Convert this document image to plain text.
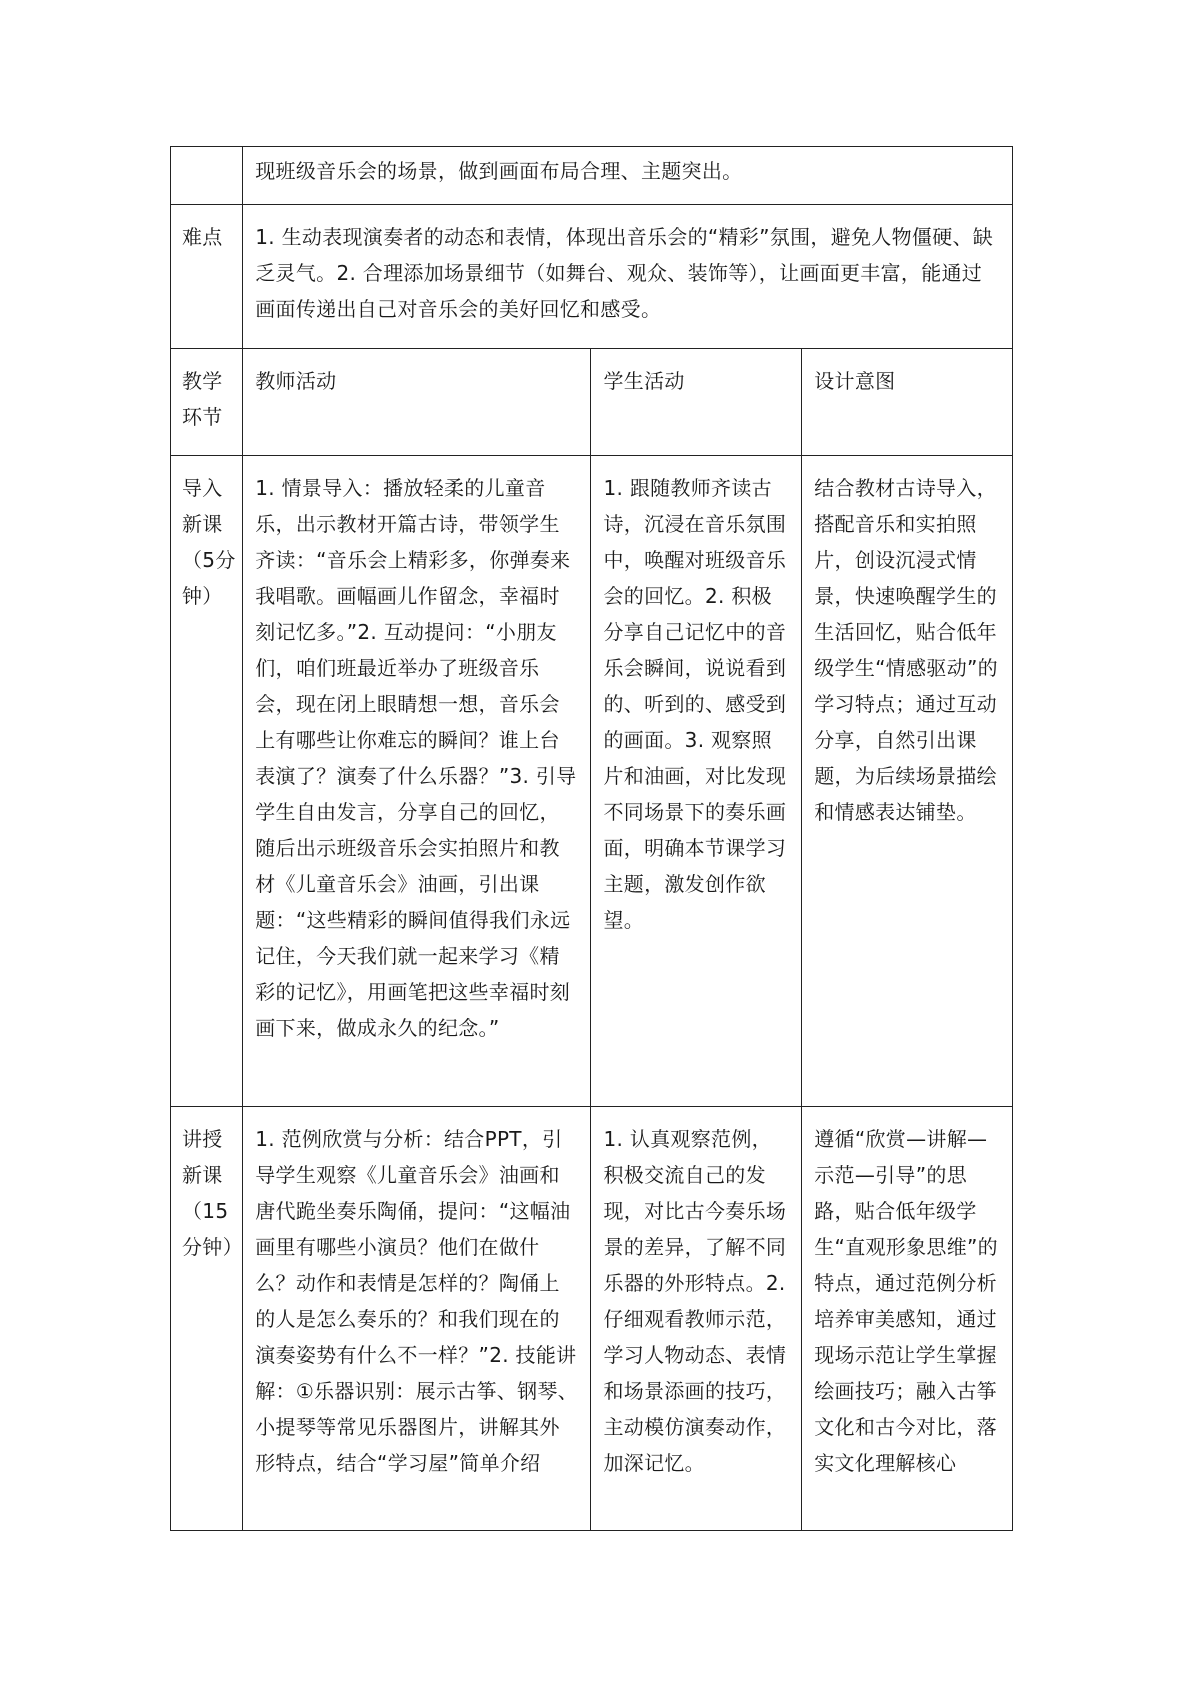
	现班级音乐会的场景，做到画面布局合理、主题突出。		

难点	1. 生动表现演奏者的动态和表情，体现出音乐会的“精彩”氛围，避免人物僵硬、缺乏灵气。2. 合理添加场景细节（如舞台、观众、装饰等），让画面更丰富，能通过画面传递出自己对音乐会的美好回忆和感受。		

教学环节	教师活动	学生活动	设计意图

导入新课（5分钟）	1. 情景导入：播放轻柔的儿童音乐，出示教材开篇古诗，带领学生齐读：“音乐会上精彩多，你弹奏来我唱歌。画幅画儿作留念，幸福时刻记忆多。”2. 互动提问：“小朋友们，咱们班最近举办了班级音乐会，现在闭上眼睛想一想，音乐会上有哪些让你难忘的瞬间？谁上台表演了？演奏了什么乐器？”3. 引导学生自由发言，分享自己的回忆，随后出示班级音乐会实拍照片和教材《儿童音乐会》油画，引出课题：“这些精彩的瞬间值得我们永远记住，今天我们就一起来学习《精彩的记忆》，用画笔把这些幸福时刻画下来，做成永久的纪念。”	1. 跟随教师齐读古诗，沉浸在音乐氛围中，唤醒对班级音乐会的回忆。2. 积极分享自己记忆中的音乐会瞬间，说说看到的、听到的、感受到的画面。3. 观察照片和油画，对比发现不同场景下的奏乐画面，明确本节课学习主题，激发创作欲望。	结合教材古诗导入，搭配音乐和实拍照片，创设沉浸式情景，快速唤醒学生的生活回忆，贴合低年级学生“情感驱动”的学习特点；通过互动分享，自然引出课题，为后续场景描绘和情感表达铺垫。

讲授新课（15分钟）	1. 范例欣赏与分析：结合PPT，引导学生观察《儿童音乐会》油画和唐代跪坐奏乐陶俑，提问：“这幅油画里有哪些小演员？他们在做什么？动作和表情是怎样的？陶俑上的人是怎么奏乐的？和我们现在的演奏姿势有什么不一样？”2. 技能讲解：①乐器识别：展示古筝、钢琴、小提琴等常见乐器图片，讲解其外形特点，结合“学习屋”简单介绍	1. 认真观察范例，积极交流自己的发现，对比古今奏乐场景的差异，了解不同乐器的外形特点。2. 仔细观看教师示范，学习人物动态、表情和场景添画的技巧，主动模仿演奏动作，加深记忆。	遵循“欣赏—讲解—示范—引导”的思路，贴合低年级学生“直观形象思维”的特点，通过范例分析培养审美感知，通过现场示范让学生掌握绘画技巧；融入古筝文化和古今对比，落实文化理解核心
